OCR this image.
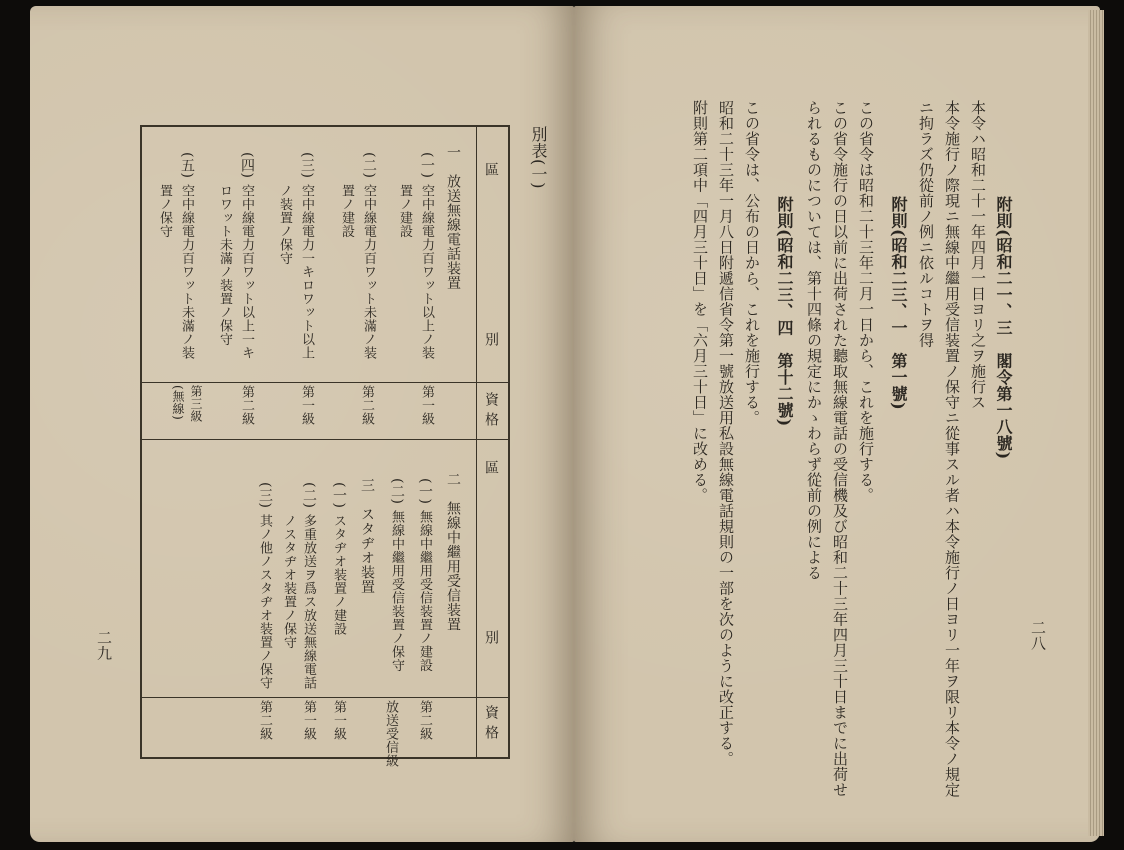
二八
附則(昭和二一、三　閣令第一八號)
本令ハ昭和二十一年四月一日ヨリ之ヲ施行ス
本令施行ノ際現ニ無線中繼用受信装置ノ保守ニ從事スル者ハ本令施行ノ日ヨリ一年ヲ限リ本令ノ規定
ニ拘ラズ仍從前ノ例ニ依ルコトヲ得
附則(昭和二三、一　第一號)
この省令は昭和二十三年二月一日から、これを施行する。
この省令施行の日以前に出荷された聽取無線電話の受信機及び昭和二十三年四月三十日までに出荷せ
られるものについては、第十四條の規定にかゝわらず從前の例による
附則(昭和二三、四　第十二號)
この省令は、公布の日から、これを施行する。
昭和二十三年一月八日附遞信省令第一號放送用私設無線電話規則の一部を次のように改正する。
附則第二項中「四月三十日」を「六月三十日」に改める。
別表(一)
二九
區　　　　別
資格
區　　　　別
資格
一　放送無線電話装置
(一)
空中線電力百ワット以上ノ装
置ノ建設
第一級
(二)
空中線電力百ワット未滿ノ装
置ノ建設
第二級
(三)
空中線電力一キロワット以上
ノ装置ノ保守
第一級
(四)
空中線電力百ワット以上一キ
ロワット未滿ノ装置ノ保守
第二級
(五)
空中線電力百ワット未滿ノ装
置ノ保守
第三級
(無線)
二　無線中繼用受信装置
(一)
無線中繼用受信装置ノ建設
第二級
(二)
無線中繼用受信装置ノ保守
放送受信級
三　スタヂオ装置
(一)
スタヂオ装置ノ建設
第一級
(二)
多重放送ヲ爲ス放送無線電話
ノスタヂオ装置ノ保守
第一級
(三)
其ノ他ノスタヂオ装置ノ保守
第二級
